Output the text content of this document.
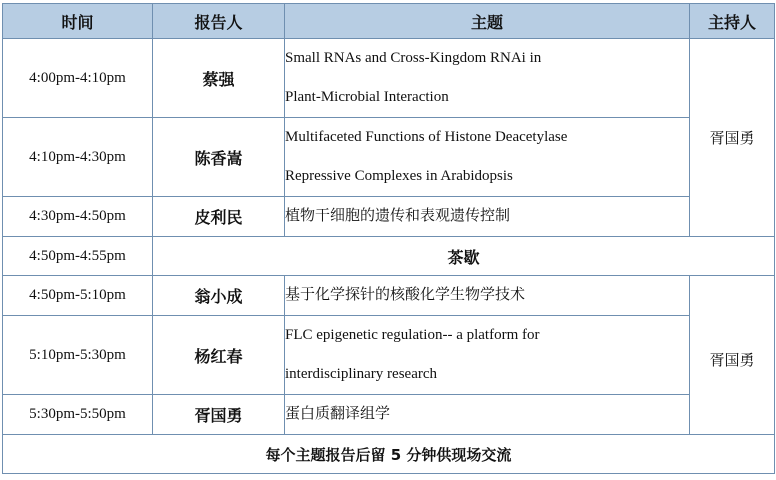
时间	报告人	主题	主持人
4:00pm-4:10pm	蔡强	Small RNAs and Cross-Kingdom RNAi in
Plant-Microbial Interaction	胥国勇
4:10pm-4:30pm	陈香嵩	Multifaceted Functions of Histone Deacetylase
Repressive Complexes in Arabidopsis	

4:30pm-4:50pm	皮利民	植物干细胞的遗传和表观遗传控制	
4:50pm-4:55pm	茶歇		
4:50pm-5:10pm	翁小成	基于化学探针的核酸化学生物学技术	胥国勇
5:10pm-5:30pm	杨红春	FLC epigenetic regulation-- a platform for
interdisciplinary research	

5:30pm-5:50pm	胥国勇	蛋白质翻译组学	
每个主题报告后留 5 分钟供现场交流			
